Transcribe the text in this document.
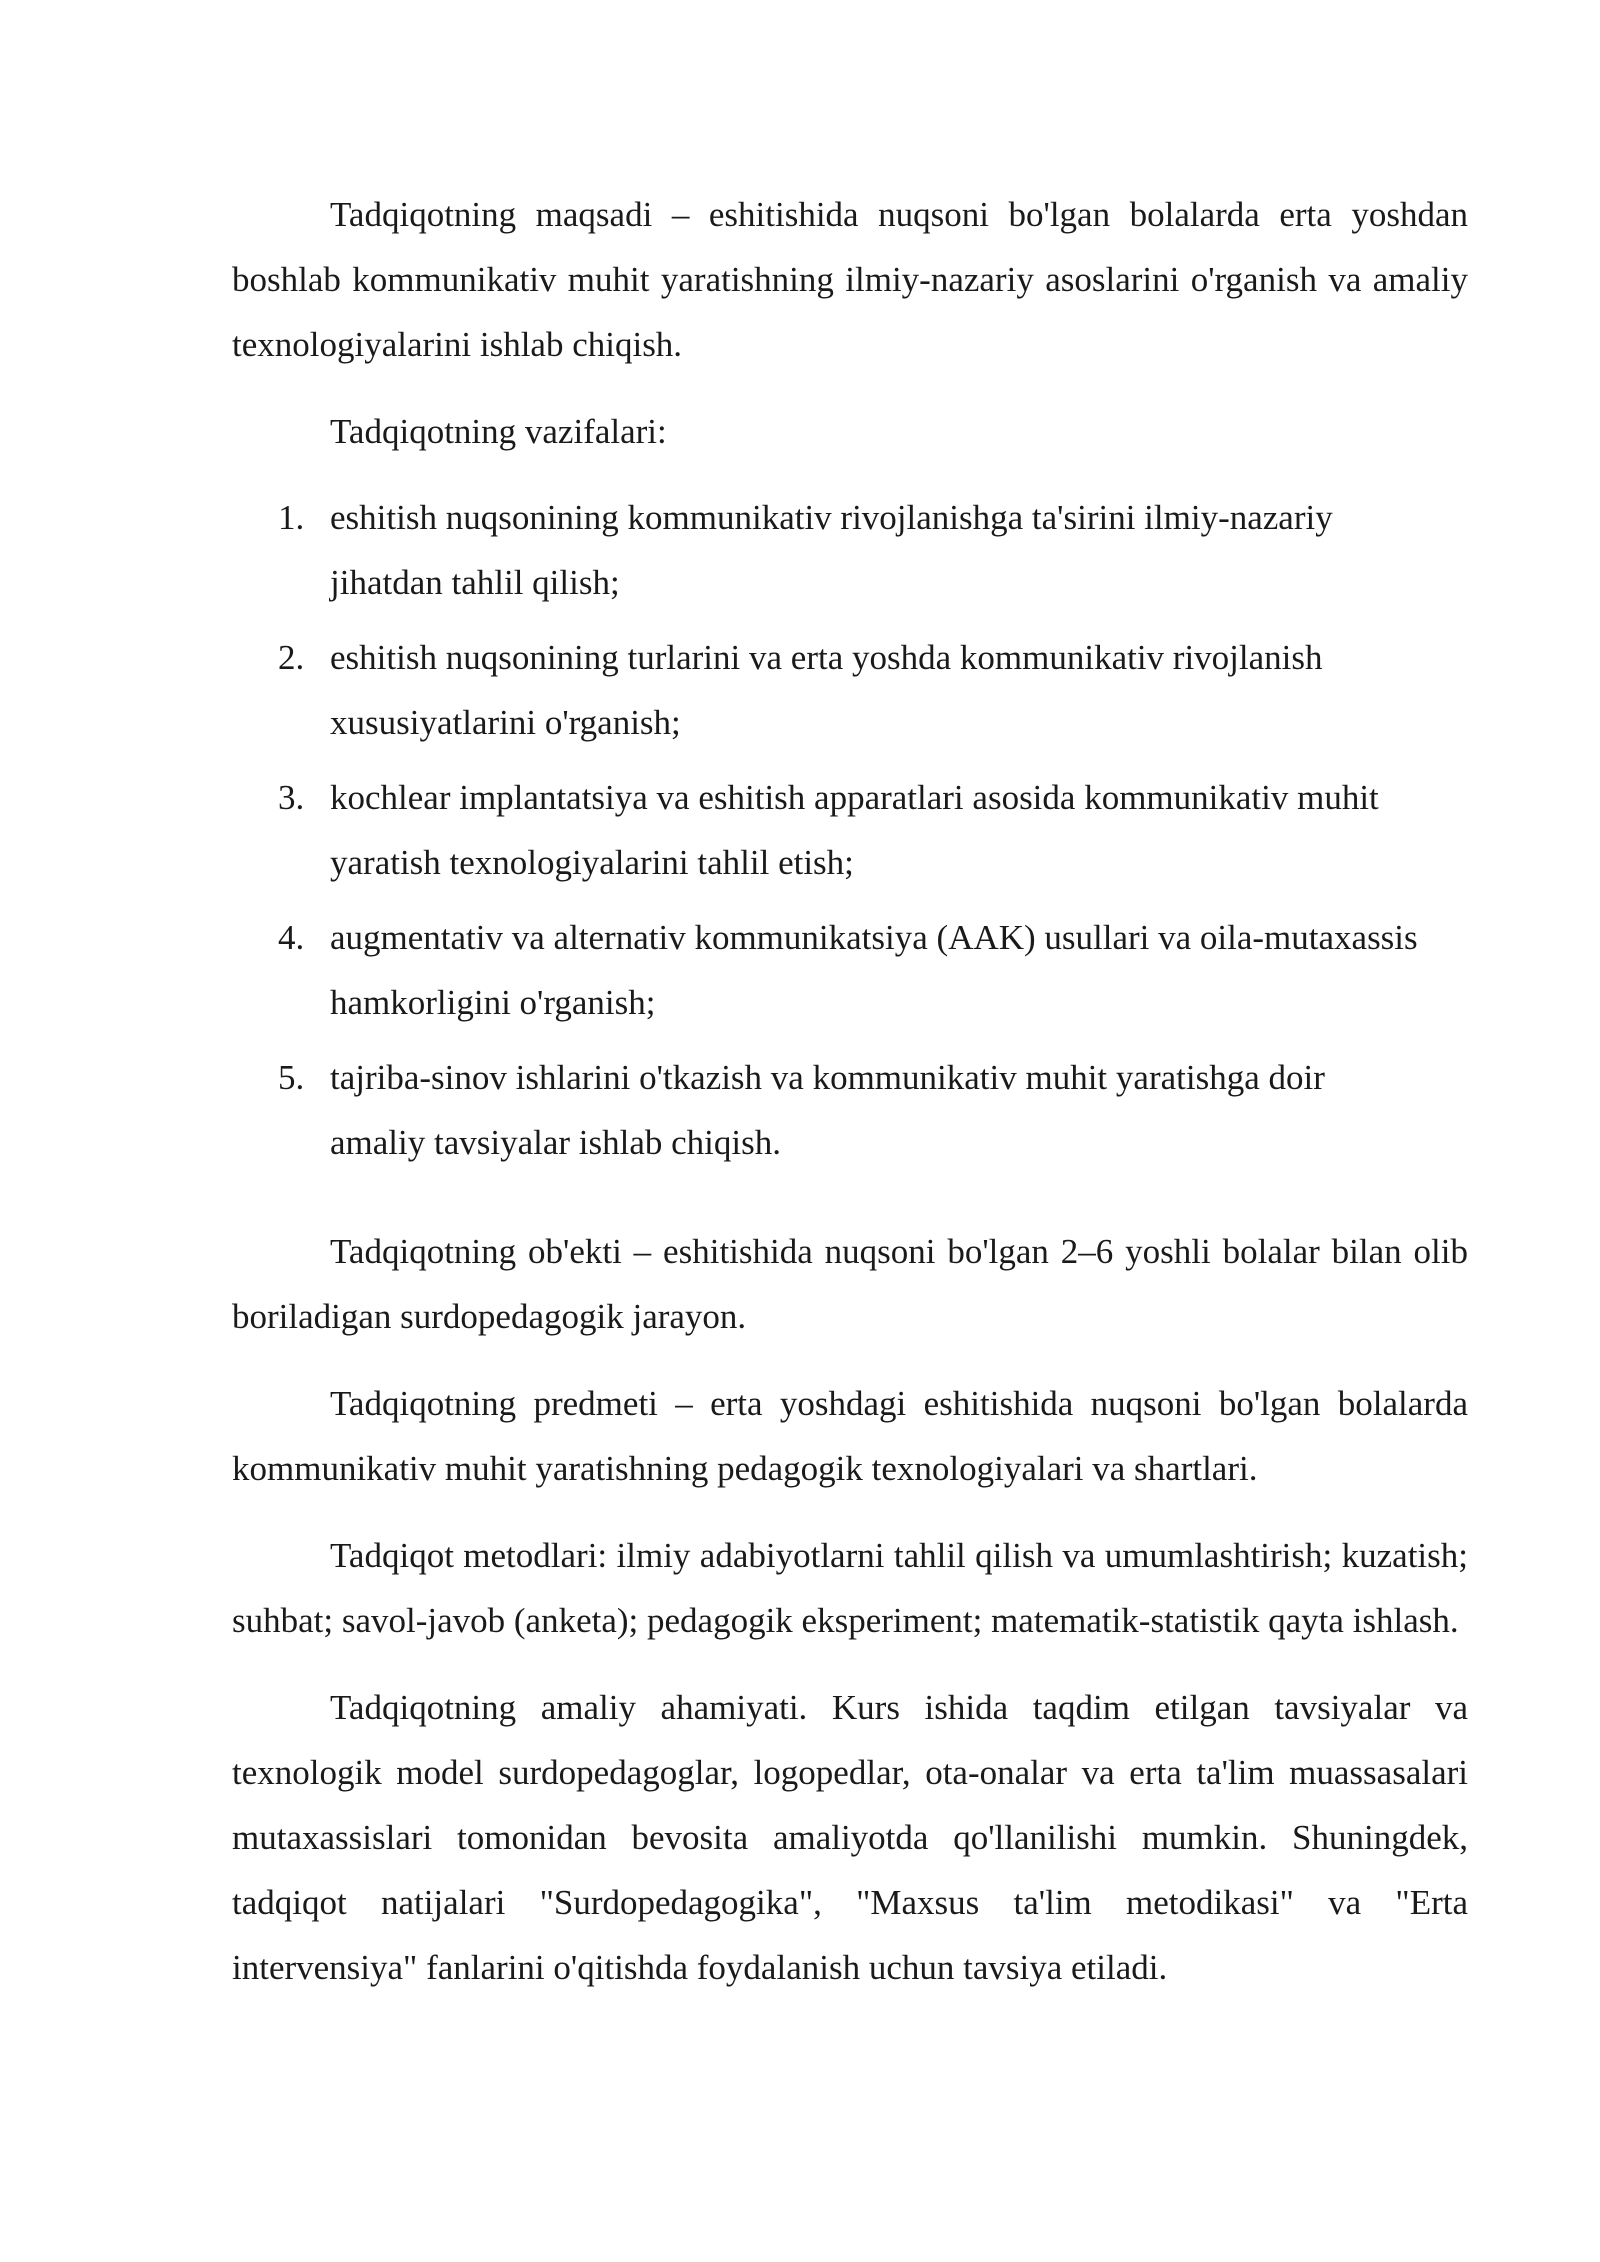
Tadqiqotning maqsadi – eshitishida nuqsoni bo'lgan bolalarda erta yoshdan boshlab kommunikativ muhit yaratishning ilmiy-nazariy asoslarini o'rganish va amaliy texnologiyalarini ishlab chiqish.

Tadqiqotning vazifalari:

1. eshitish nuqsonining kommunikativ rivojlanishga ta'sirini ilmiy-nazariy jihatdan tahlil qilish;
2. eshitish nuqsonining turlarini va erta yoshda kommunikativ rivojlanish xususiyatlarini o'rganish;
3. kochlear implantatsiya va eshitish apparatlari asosida kommunikativ muhit yaratish texnologiyalarini tahlil etish;
4. augmentativ va alternativ kommunikatsiya (AAK) usullari va oila-mutaxassis hamkorligini o'rganish;
5. tajriba-sinov ishlarini o'tkazish va kommunikativ muhit yaratishga doir amaliy tavsiyalar ishlab chiqish.

Tadqiqotning ob'ekti – eshitishida nuqsoni bo'lgan 2–6 yoshli bolalar bilan olib boriladigan surdopedagogik jarayon.

Tadqiqotning predmeti – erta yoshdagi eshitishida nuqsoni bo'lgan bolalarda kommunikativ muhit yaratishning pedagogik texnologiyalari va shartlari.

Tadqiqot metodlari: ilmiy adabiyotlarni tahlil qilish va umumlashtirish; kuzatish; suhbat; savol-javob (anketa); pedagogik eksperiment; matematik-statistik qayta ishlash.

Tadqiqotning amaliy ahamiyati. Kurs ishida taqdim etilgan tavsiyalar va texnologik model surdopedagoglar, logopedlar, ota-onalar va erta ta'lim muassasalari mutaxassislari tomonidan bevosita amaliyotda qo'llanilishi mumkin. Shuningdek, tadqiqot natijalari "Surdopedagogika", "Maxsus ta'lim metodikasi" va "Erta intervensiya" fanlarini o'qitishda foydalanish uchun tavsiya etiladi.
